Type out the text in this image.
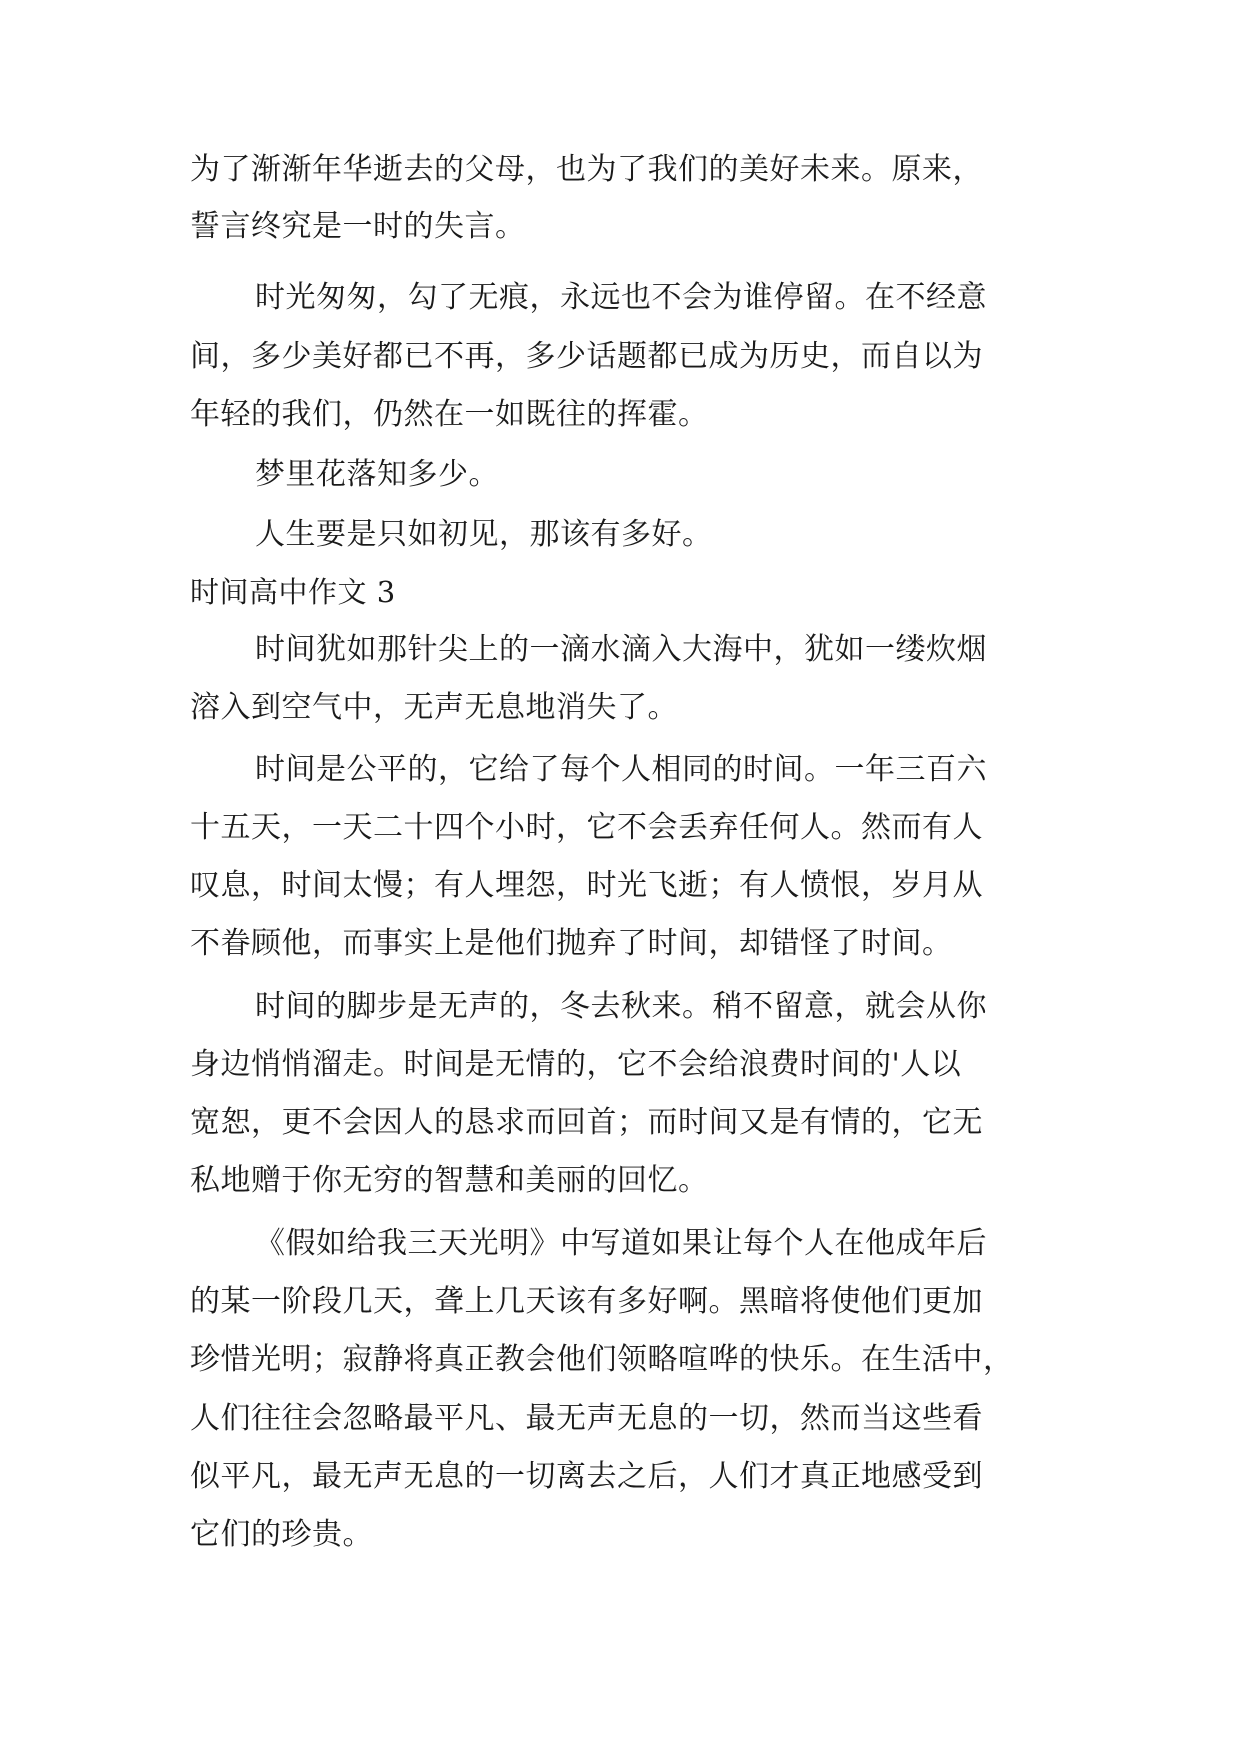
为了渐渐年华逝去的父母，也为了我们的美好未来。原来，
誓言终究是一时的失言。
时光匆匆，勾了无痕，永远也不会为谁停留。在不经意
间，多少美好都已不再，多少话题都已成为历史，而自以为
年轻的我们，仍然在一如既往的挥霍。
梦里花落知多少。
人生要是只如初见，那该有多好。
时间高中作文 3
时间犹如那针尖上的一滴水滴入大海中，犹如一缕炊烟
溶入到空气中，无声无息地消失了。
时间是公平的，它给了每个人相同的时间。一年三百六
十五天，一天二十四个小时，它不会丢弃任何人。然而有人
叹息，时间太慢；有人埋怨，时光飞逝；有人愤恨，岁月从
不眷顾他，而事实上是他们抛弃了时间，却错怪了时间。
时间的脚步是无声的，冬去秋来。稍不留意，就会从你
身边悄悄溜走。时间是无情的，它不会给浪费时间的'人以
宽恕，更不会因人的恳求而回首；而时间又是有情的，它无
私地赠于你无穷的智慧和美丽的回忆。
《假如给我三天光明》中写道如果让每个人在他成年后
的某一阶段几天，聋上几天该有多好啊。黑暗将使他们更加
珍惜光明；寂静将真正教会他们领略喧哗的快乐。在生活中，
人们往往会忽略最平凡、最无声无息的一切，然而当这些看
似平凡，最无声无息的一切离去之后，人们才真正地感受到
它们的珍贵。
